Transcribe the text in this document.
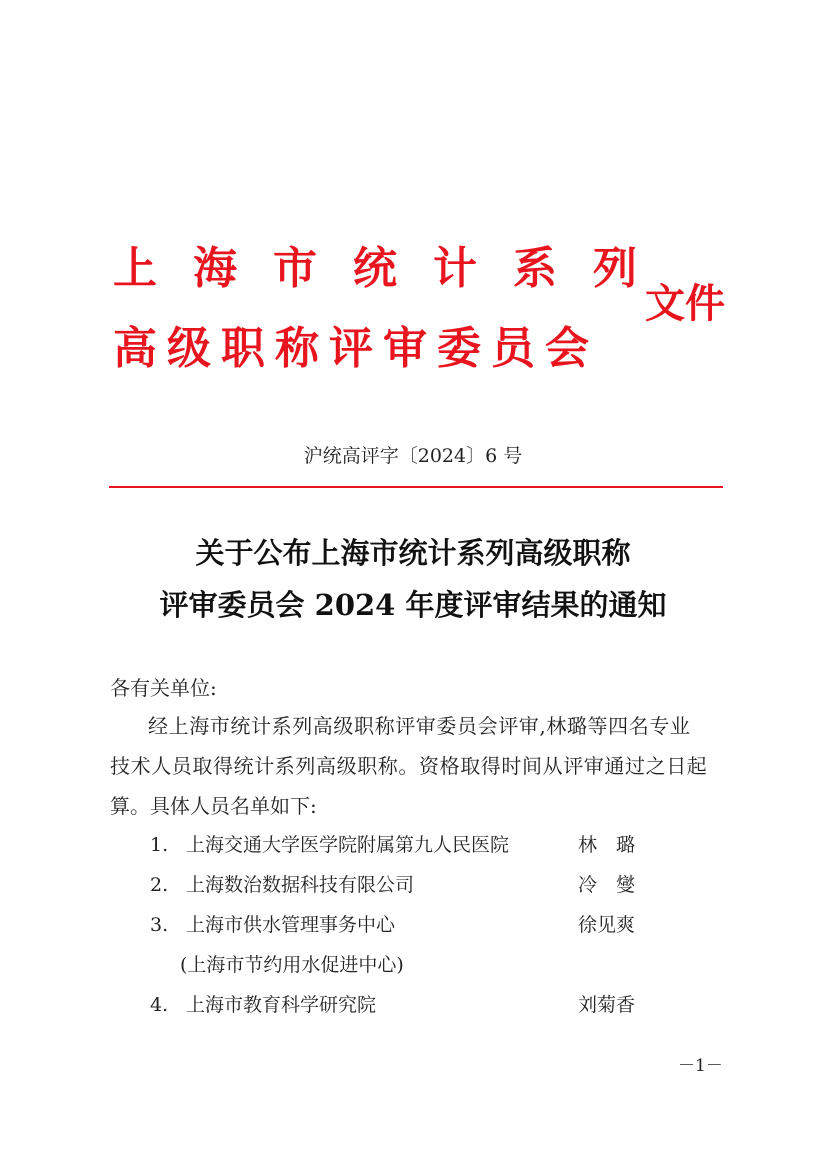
上海市统计系列
高级职称评审委员会
文件
沪统高评字〔2024〕6 号
关于公布上海市统计系列高级职称
评审委员会 2024 年度评审结果的通知
各有关单位:
经上海市统计系列高级职称评审委员会评审,林璐等四名专业
技术人员取得统计系列高级职称。资格取得时间从评审通过之日起
算。具体人员名单如下:
1. 上海交通大学医学院附属第九人民医院	林　璐
2. 上海数治数据科技有限公司	冷　燮
3. 上海市供水管理事务中心	徐见爽
(上海市节约用水促进中心)
4. 上海市教育科学研究院	刘菊香
－1－
